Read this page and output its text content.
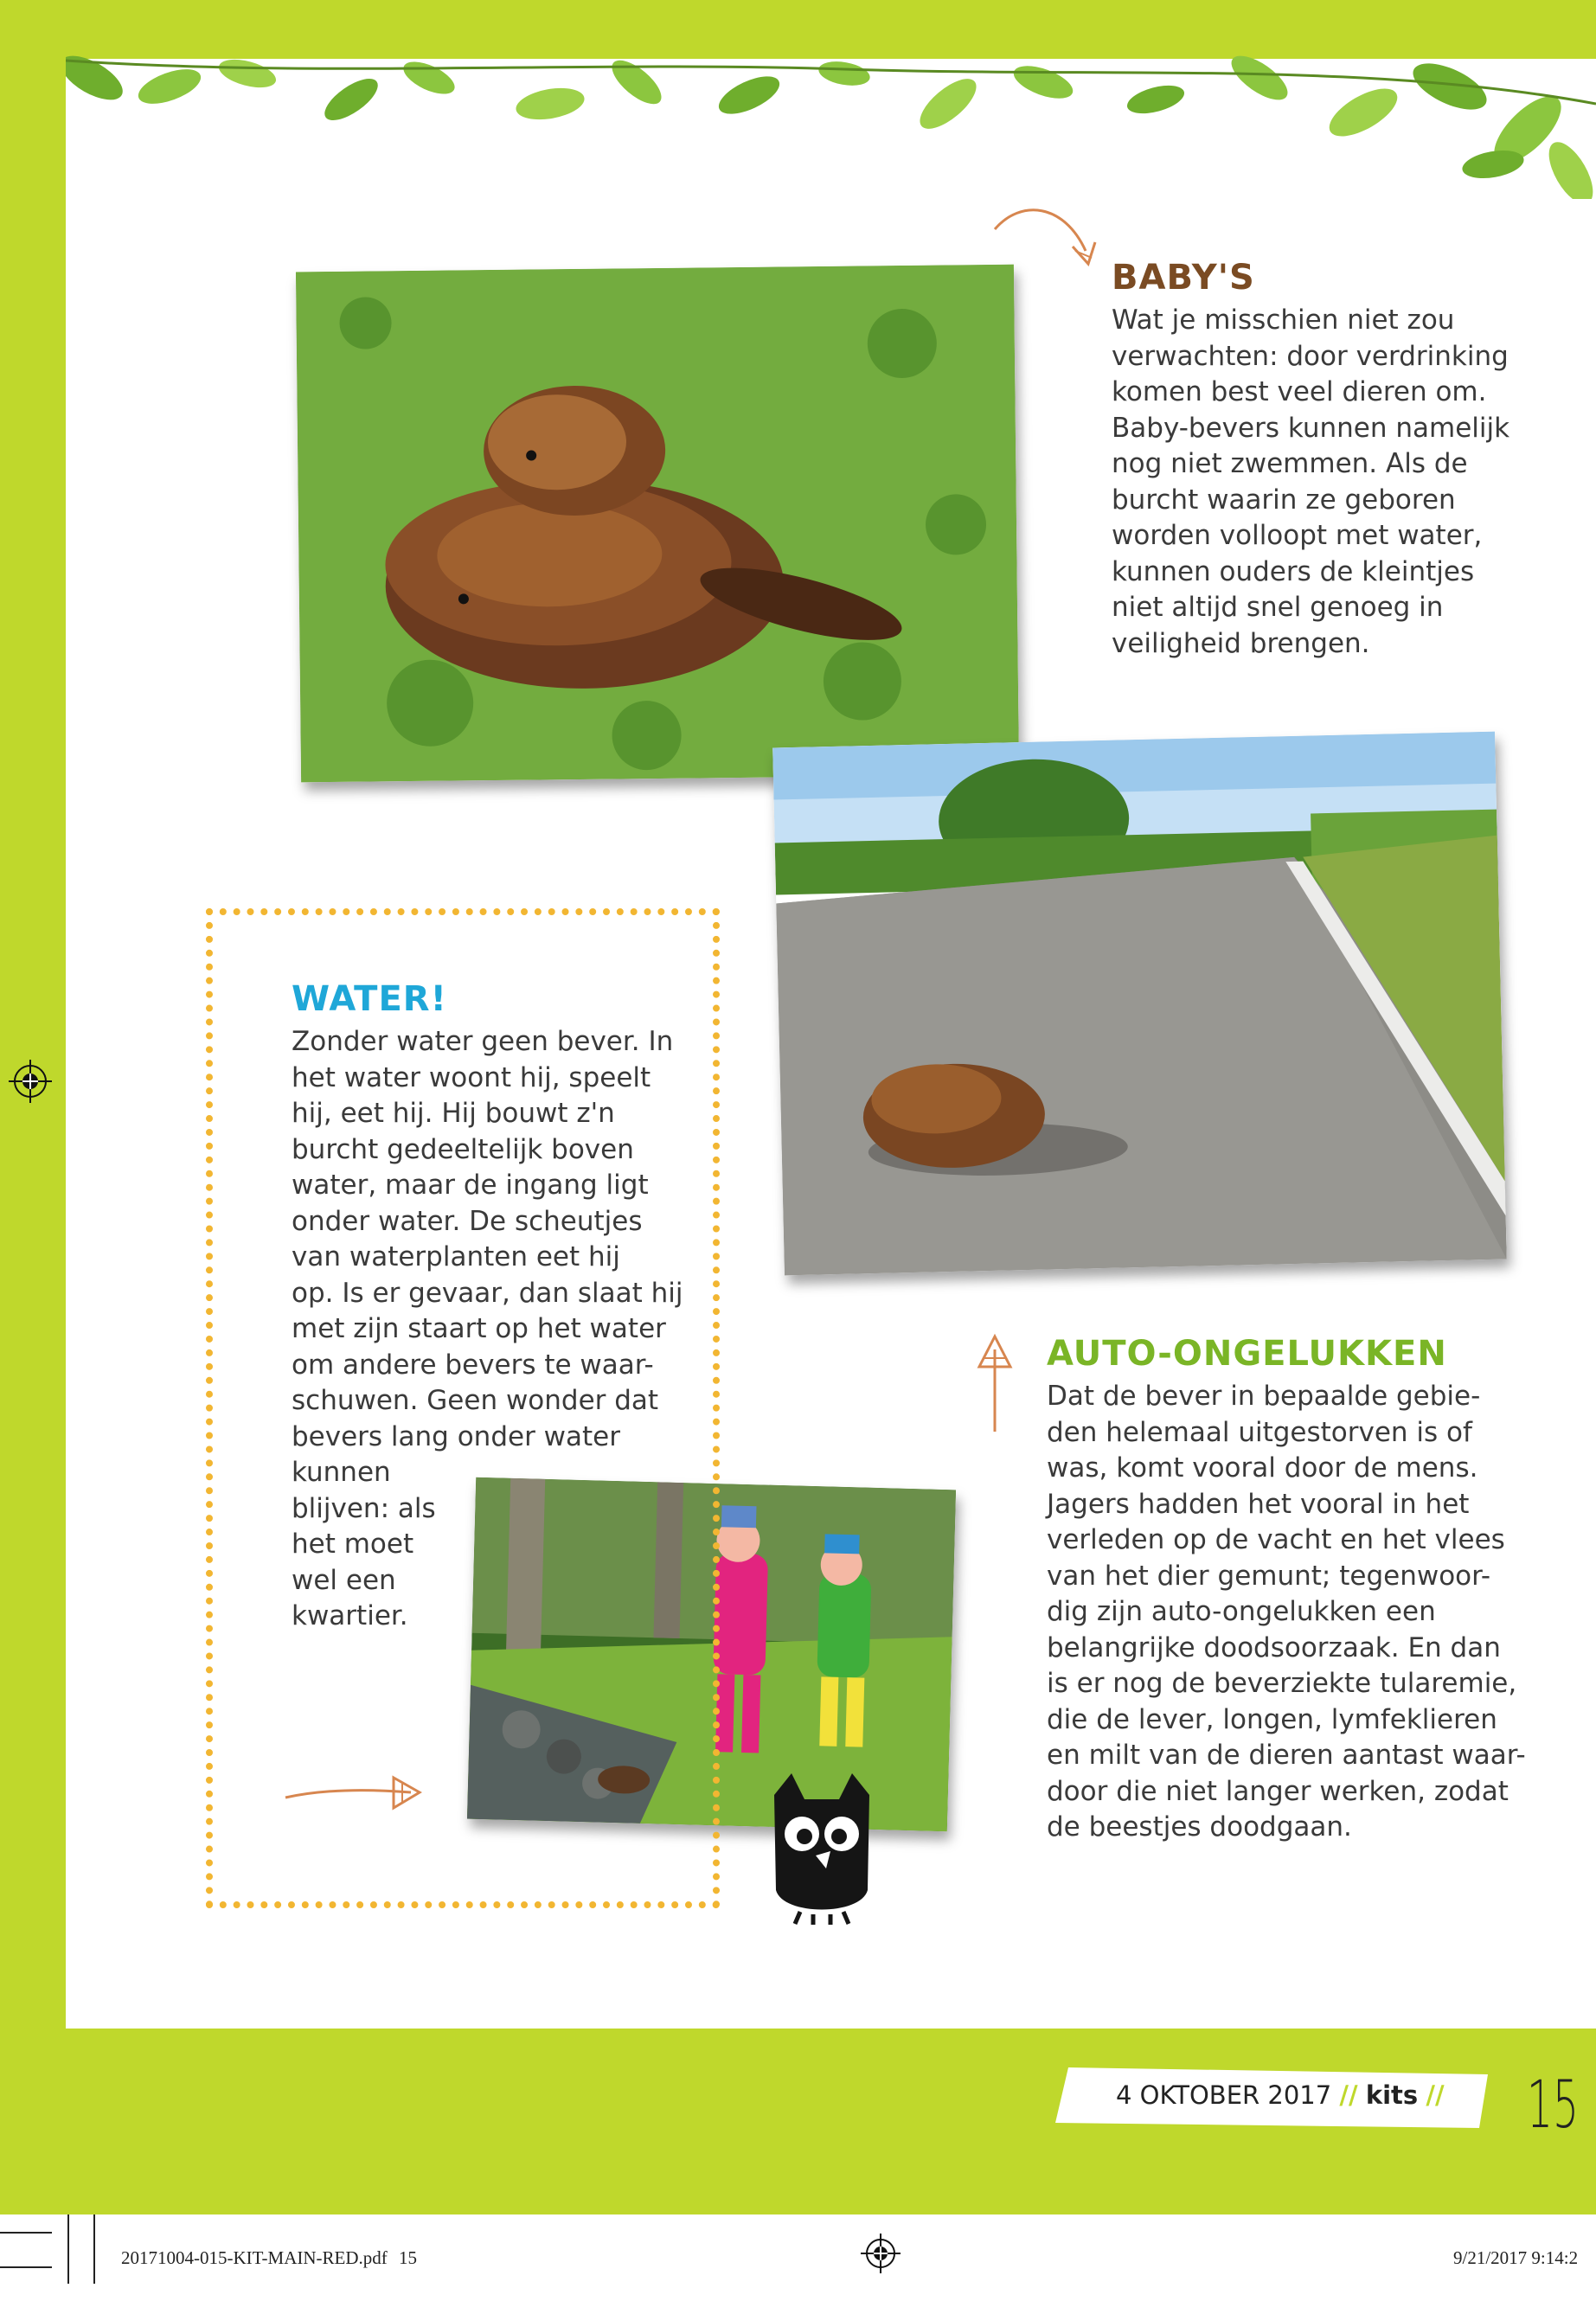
BABY'S

Wat je misschien niet zou
verwachten: door verdrinking
komen best veel dieren om.
Baby-bevers kunnen namelijk
nog niet zwemmen. Als de
burcht waarin ze geboren
worden volloopt met water,
kunnen ouders de kleintjes
niet altijd snel genoeg in
veiligheid brengen.

WATER!

Zonder water geen bever. In
het water woont hij, speelt
hij, eet hij. Hij bouwt z'n
burcht gedeeltelijk boven
water, maar de ingang ligt
onder water. De scheutjes
van waterplanten eet hij
op. Is er gevaar, dan slaat hij
met zijn staart op het water
om andere bevers te waar-
schuwen. Geen wonder dat
bevers lang onder water

kunnen
blijven: als
het moet
wel een
kwartier.

AUTO-ONGELUKKEN

Dat de bever in bepaalde gebie-
den helemaal uitgestorven is of
was, komt vooral door de mens.
Jagers hadden het vooral in het
verleden op de vacht en het vlees
van het dier gemunt; tegenwoor-
dig zijn auto-ongelukken een
belangrijke doodsoorzaak. En dan
is er nog de beverziekte tularemie,
die de lever, longen, lymfeklieren
en milt van de dieren aantast waar-
door die niet langer werken, zodat
de beestjes doodgaan.

4 OKTOBER 2017 // kits // 15
20171004-015-KIT-MAIN-RED.pdf 15	9/21/2017 9:14:2
